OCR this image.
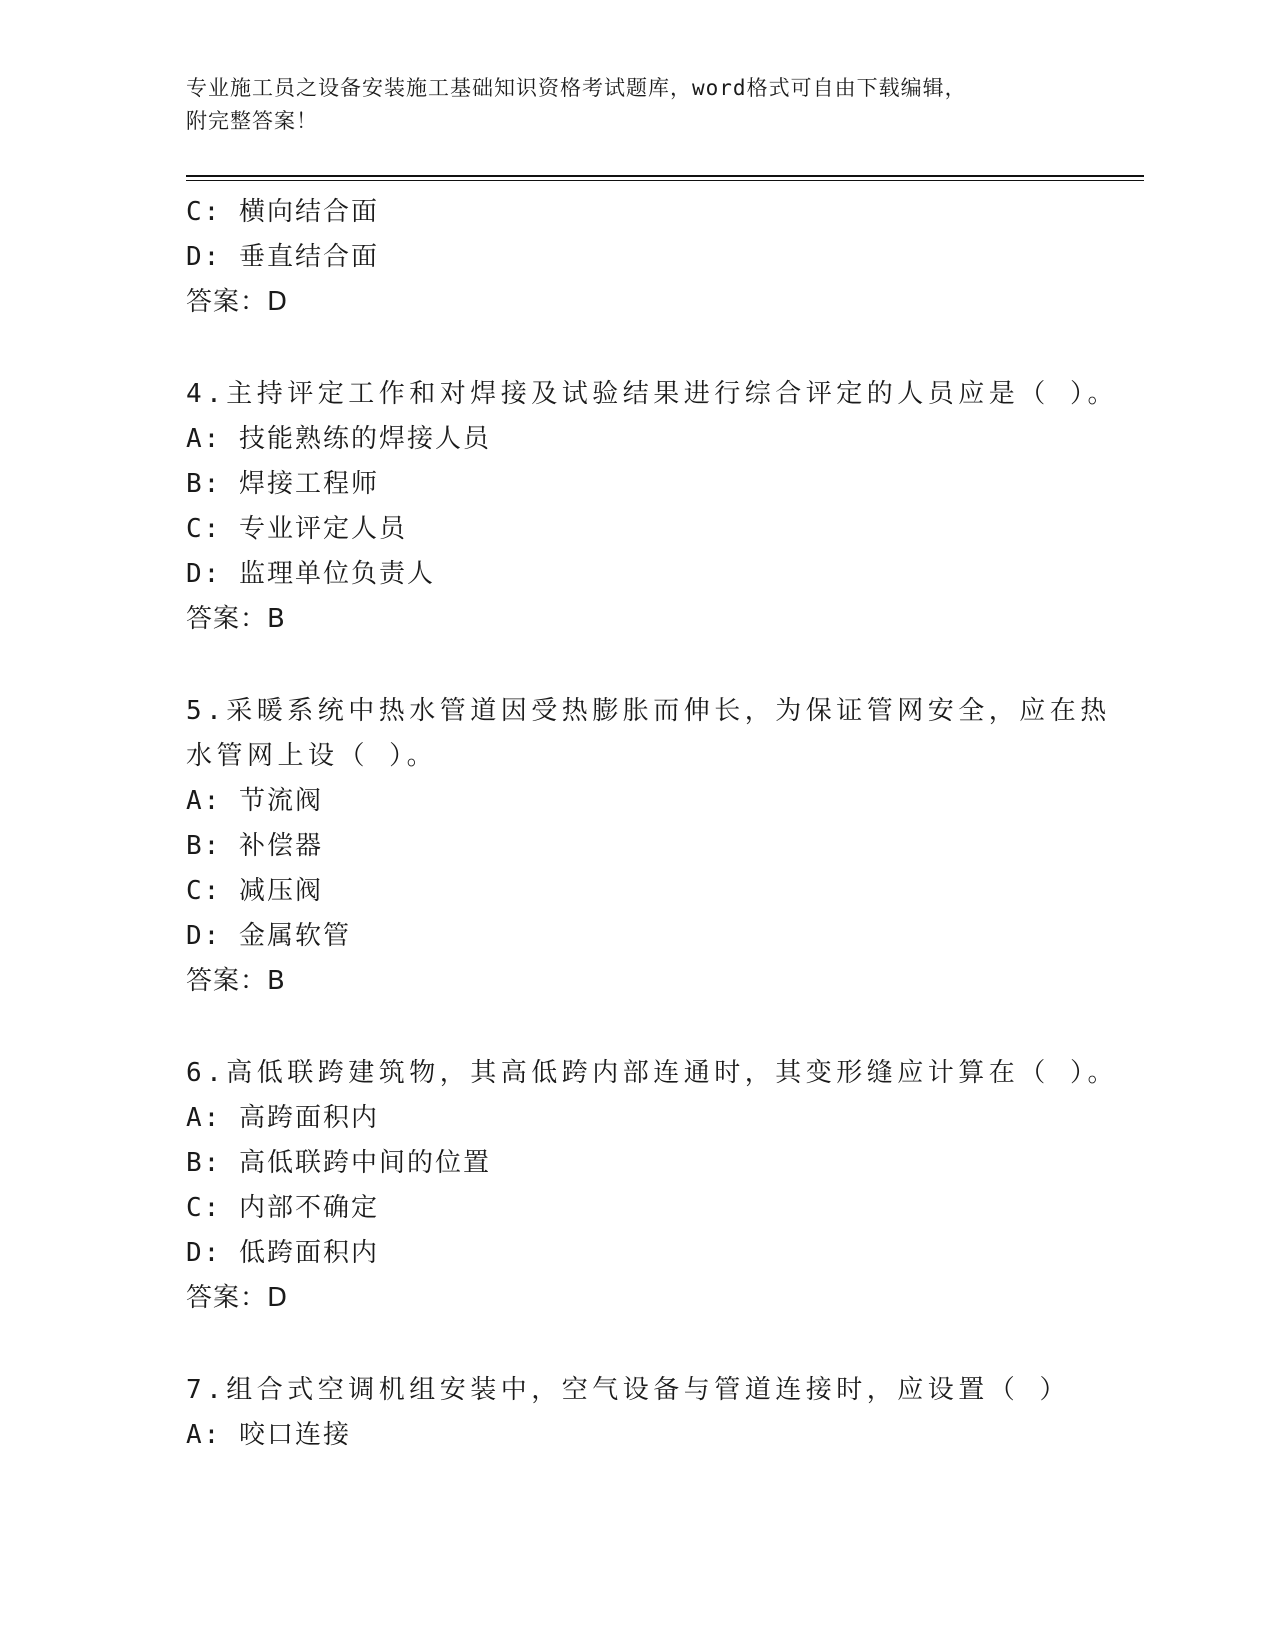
专业施工员之设备安装施工基础知识资格考试题库，word格式可自由下载编辑，
附完整答案！
C: 横向结合面
D: 垂直结合面
答案：D
4.主持评定工作和对焊接及试验结果进行综合评定的人员应是（ ）。
A: 技能熟练的焊接人员
B: 焊接工程师
C: 专业评定人员
D: 监理单位负责人
答案：B
5.采暖系统中热水管道因受热膨胀而伸长，为保证管网安全，应在热
水管网上设（ ）。
A: 节流阀
B: 补偿器
C: 减压阀
D: 金属软管
答案：B
6.高低联跨建筑物，其高低跨内部连通时，其变形缝应计算在（ ）。
A: 高跨面积内
B: 高低联跨中间的位置
C: 内部不确定
D: 低跨面积内
答案：D
7.组合式空调机组安装中，空气设备与管道连接时，应设置（ ）
A: 咬口连接
